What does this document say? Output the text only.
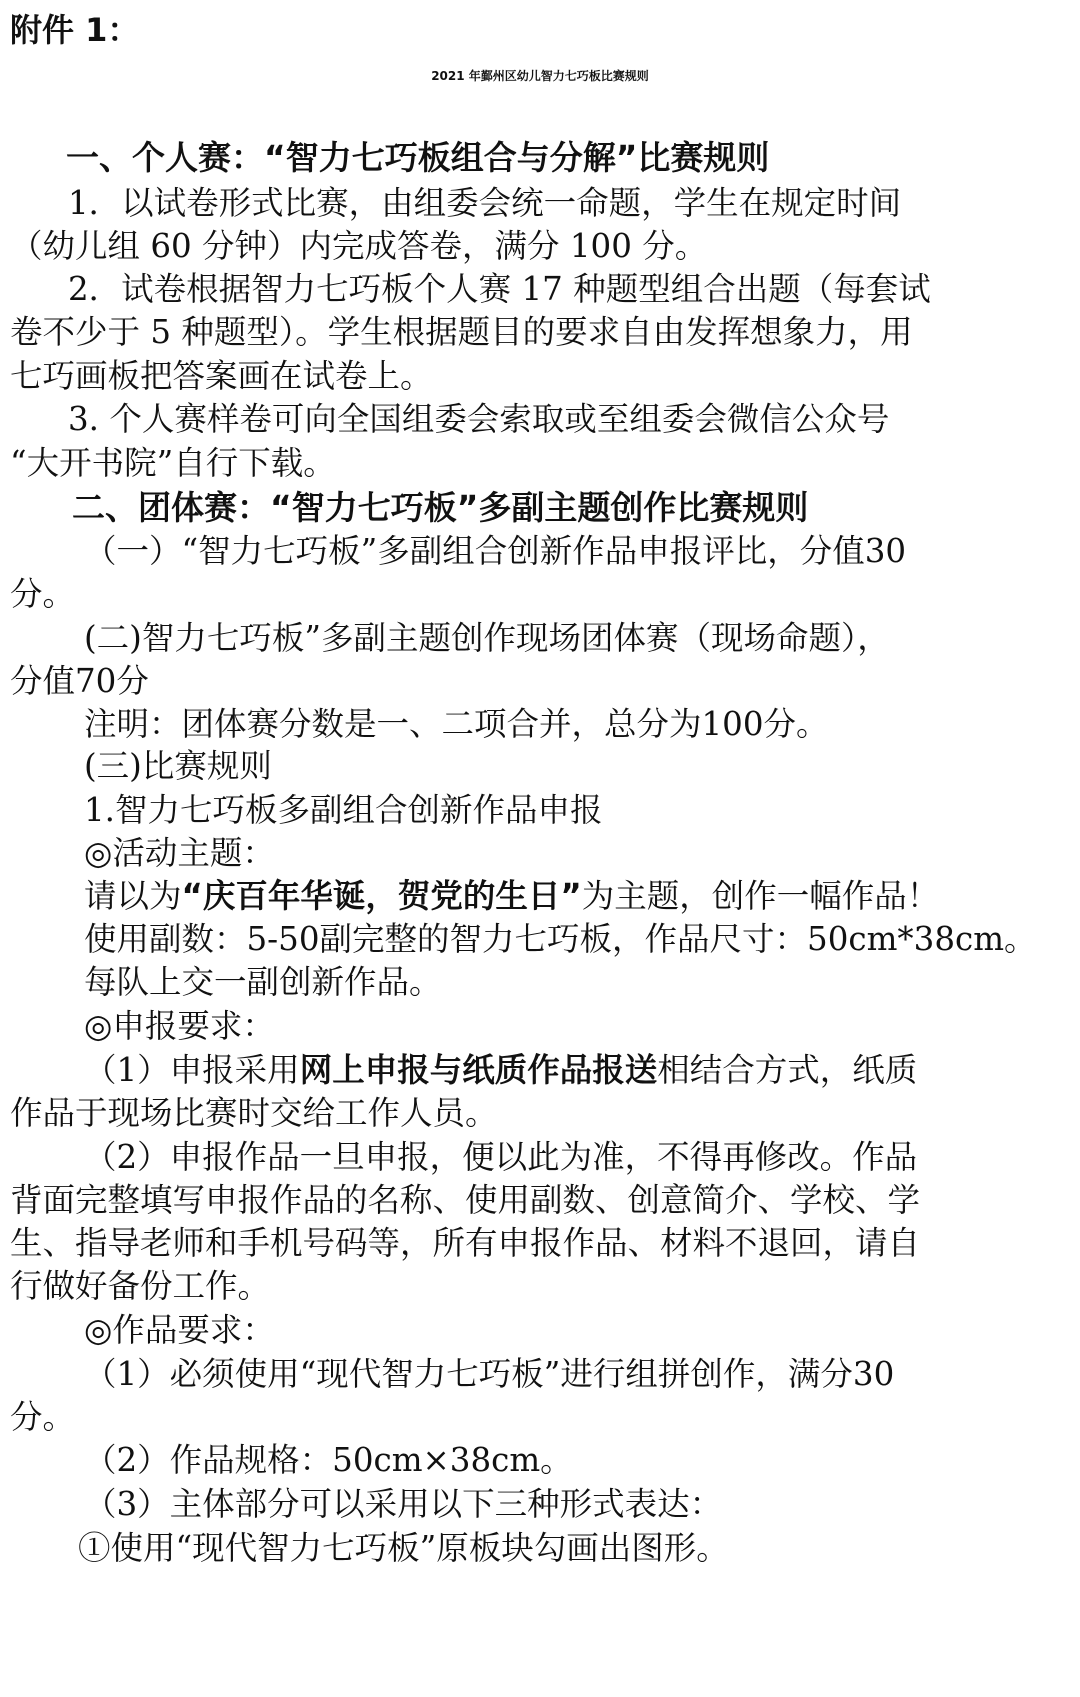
附件 1：
2021 年鄞州区幼儿智力七巧板比赛规则
一、个人赛：“智力七巧板组合与分解”比赛规则
1．以试卷形式比赛，由组委会统一命题，学生在规定时间
（幼儿组 60 分钟）内完成答卷，满分 100 分。
2．试卷根据智力七巧板个人赛 17 种题型组合出题（每套试
卷不少于 5 种题型）。学生根据题目的要求自由发挥想象力，用
七巧画板把答案画在试卷上。
3. 个人赛样卷可向全国组委会索取或至组委会微信公众号
“大开书院”自行下载。
二、团体赛：“智力七巧板”多副主题创作比赛规则
（一）“智力七巧板”多副组合创新作品申报评比，分值30
分。
(二)智力七巧板”多副主题创作现场团体赛（现场命题），
分值70分
注明：团体赛分数是一、二项合并，总分为100分。
(三)比赛规则
1.智力七巧板多副组合创新作品申报
◎活动主题：
请以为“庆百年华诞，贺党的生日”为主题，创作一幅作品！
使用副数：5-50副完整的智力七巧板，作品尺寸：50cm*38cm。
每队上交一副创新作品。
◎申报要求：
（1）申报采用网上申报与纸质作品报送相结合方式，纸质
作品于现场比赛时交给工作人员。
（2）申报作品一旦申报，便以此为准，不得再修改。作品
背面完整填写申报作品的名称、使用副数、创意简介、学校、学
生、指导老师和手机号码等，所有申报作品、材料不退回，请自
行做好备份工作。
◎作品要求：
（1）必须使用“现代智力七巧板”进行组拼创作，满分30
分。
（2）作品规格：50cm×38cm。
（3）主体部分可以采用以下三种形式表达：
①使用“现代智力七巧板”原板块勾画出图形。
